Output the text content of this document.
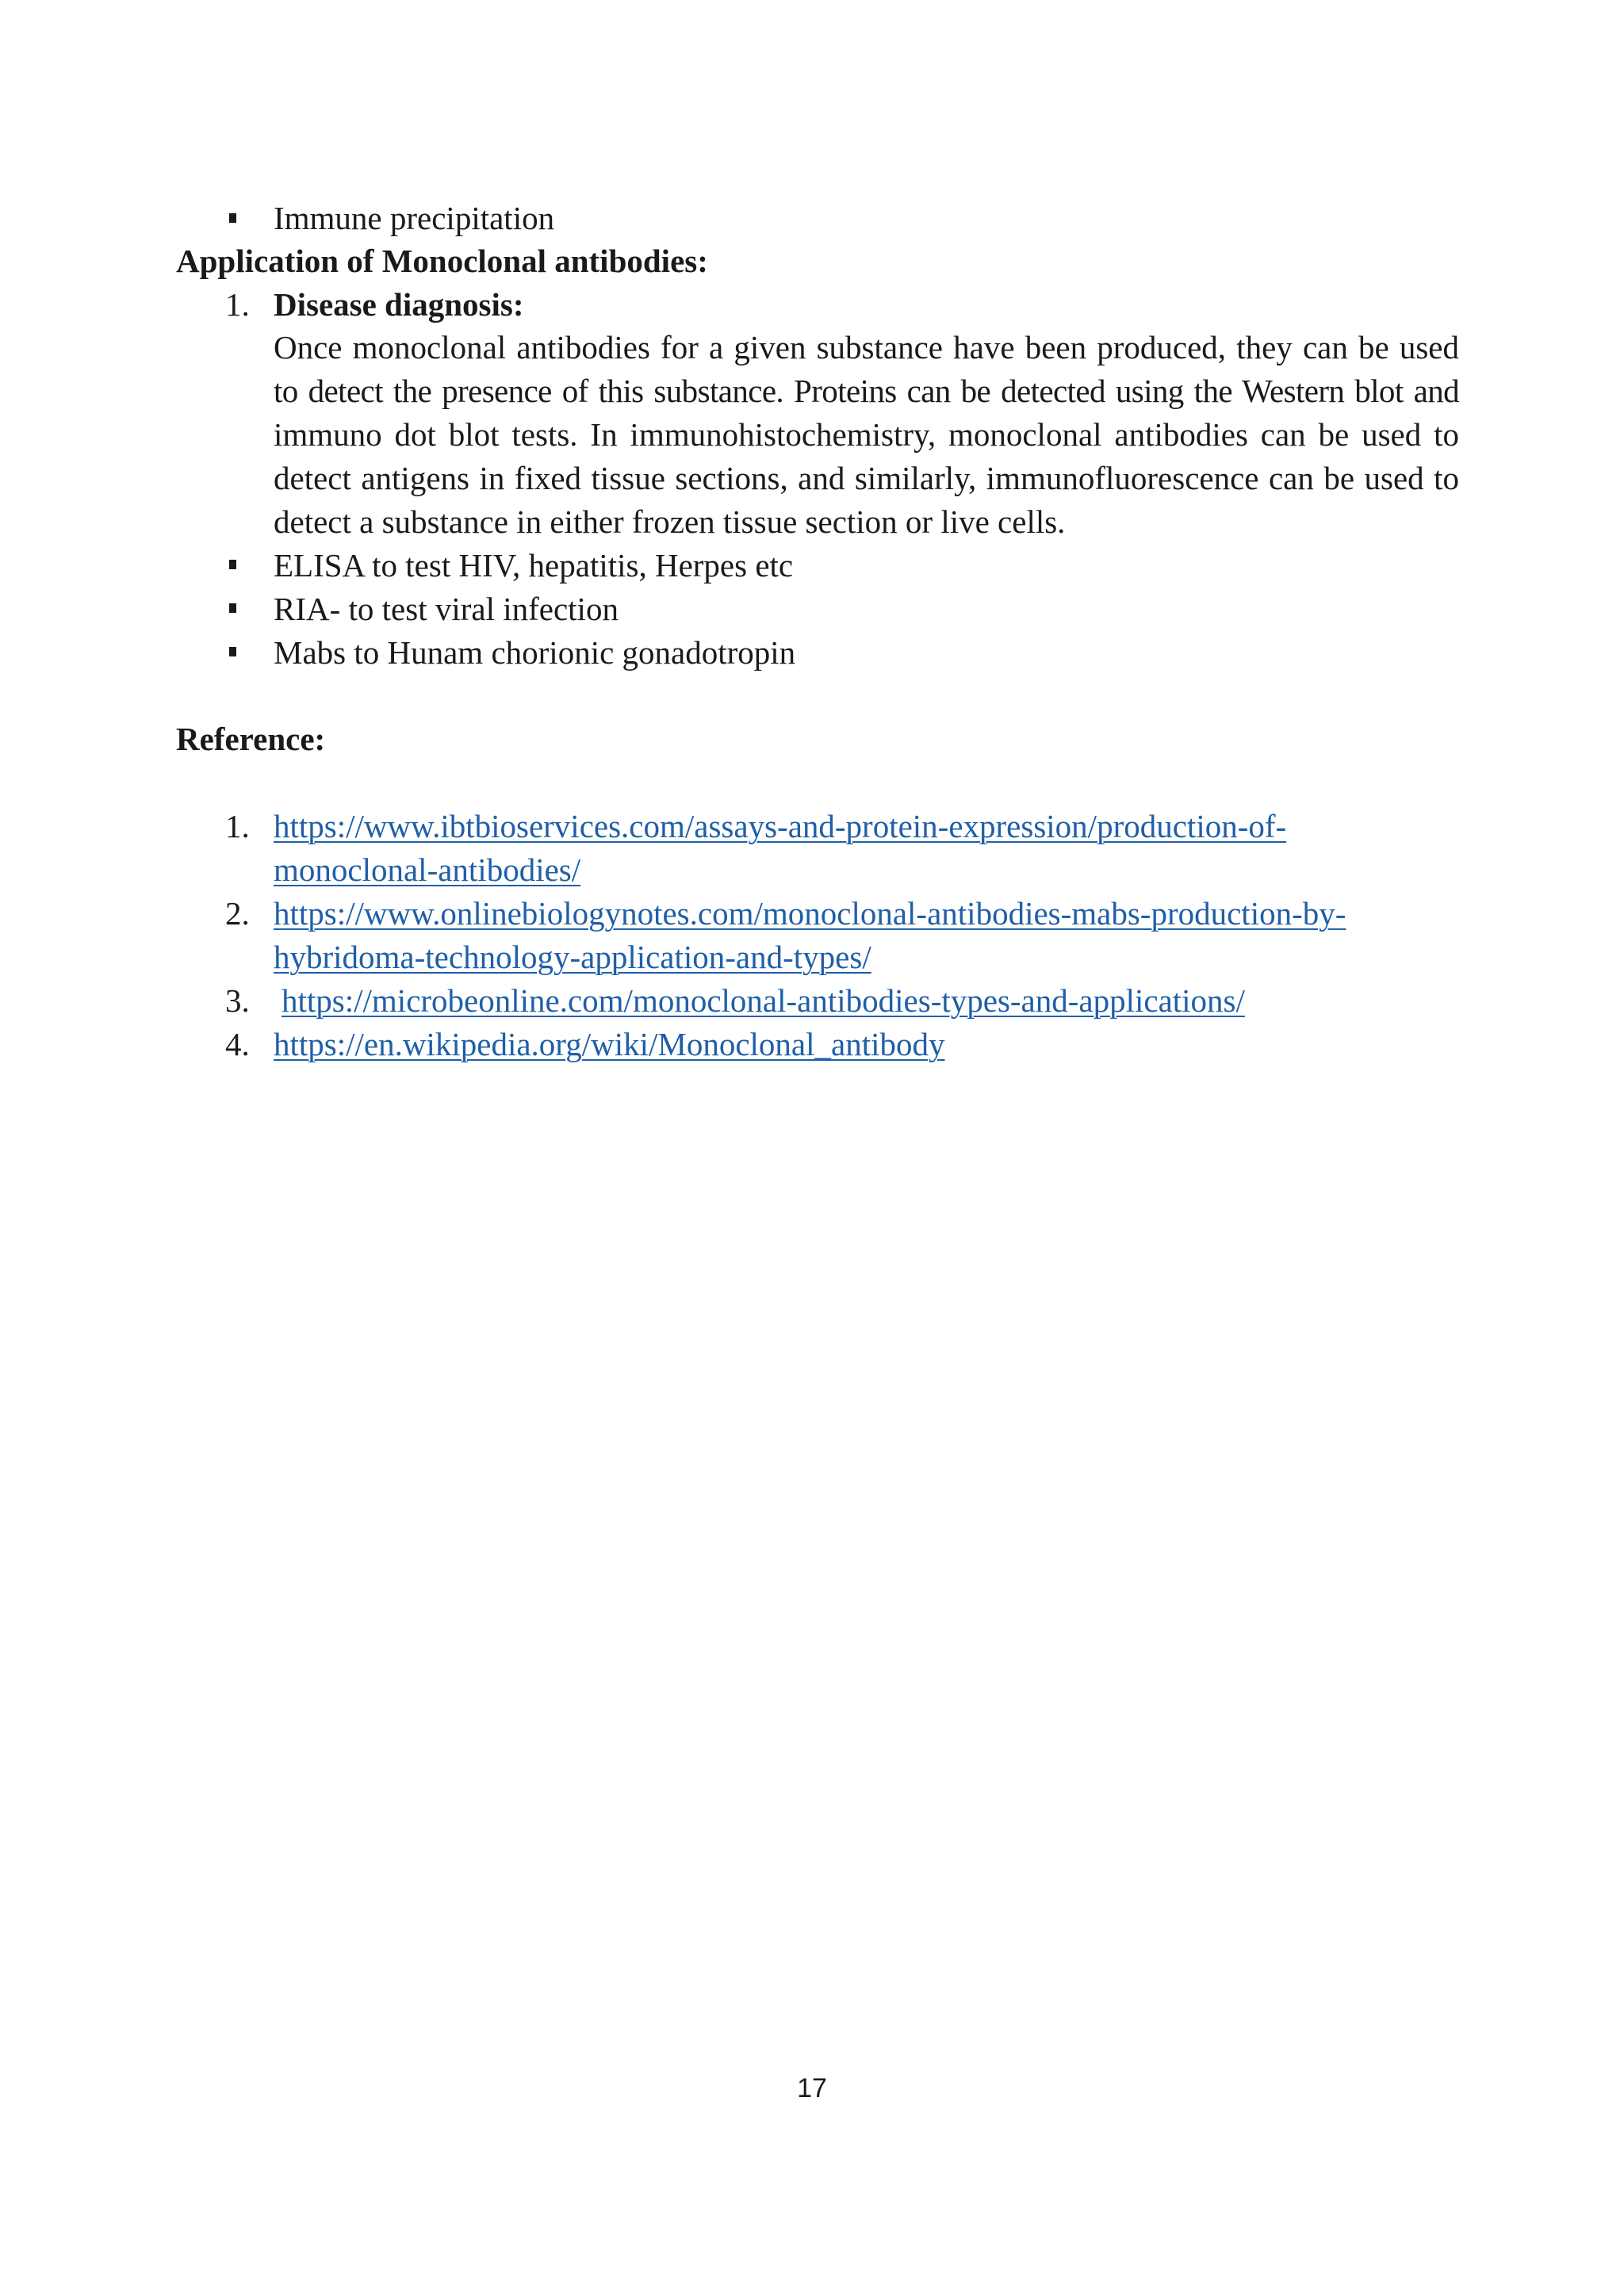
Immune precipitation
Application of Monoclonal antibodies:
1. Disease diagnosis:
Once monoclonal antibodies for a given substance have been produced, they can be used
to detect the presence of this substance. Proteins can be detected using the Western blot and
immuno dot blot tests. In immunohistochemistry, monoclonal antibodies can be used to
detect antigens in fixed tissue sections, and similarly, immunofluorescence can be used to
detect a substance in either frozen tissue section or live cells.
ELISA to test HIV, hepatitis, Herpes etc
RIA- to test viral infection
Mabs to Hunam chorionic gonadotropin
Reference:
1. https://www.ibtbioservices.com/assays-and-protein-expression/production-of-
monoclonal-antibodies/
2. https://www.onlinebiologynotes.com/monoclonal-antibodies-mabs-production-by-
hybridoma-technology-application-and-types/
3. https://microbeonline.com/monoclonal-antibodies-types-and-applications/
4. https://en.wikipedia.org/wiki/Monoclonal_antibody
17
